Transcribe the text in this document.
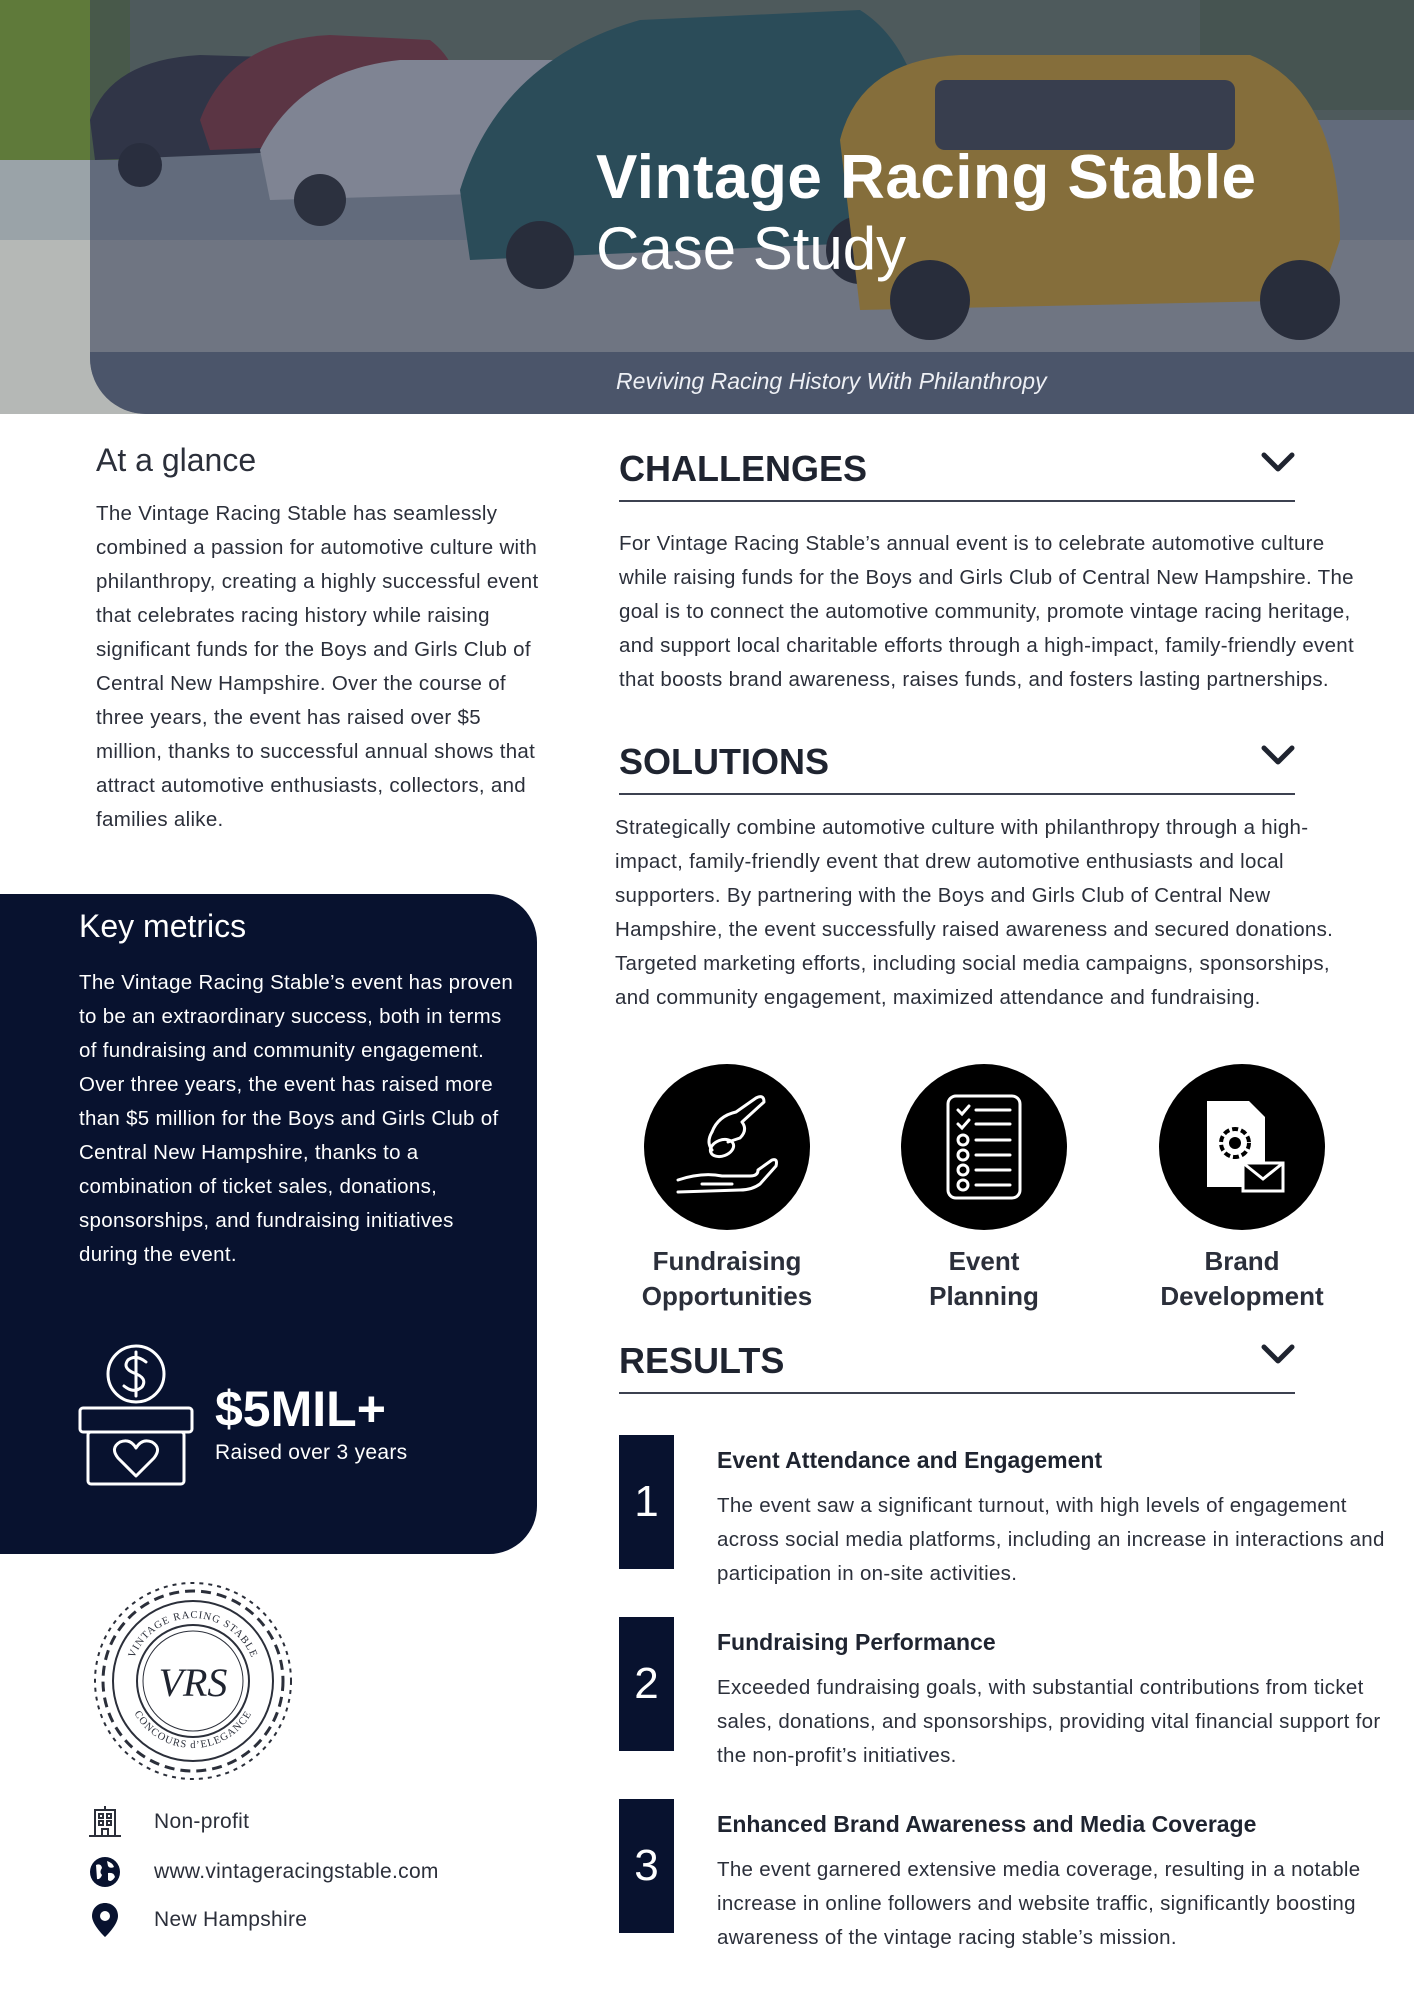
Vintage Racing Stable
Case Study
Reviving Racing History With Philanthropy
At a glance
The Vintage Racing Stable has seamlessly combined a passion for automotive culture with philanthropy, creating a highly successful event that celebrates racing history while raising significant funds for the Boys and Girls Club of Central New Hampshire. Over the course of three years, the event has raised over $5 million, thanks to successful annual shows that attract automotive enthusiasts, collectors, and families alike.
Key metrics
The Vintage Racing Stable’s event has proven to be an extraordinary success, both in terms of fundraising and community engagement. Over three years, the event has raised more than $5 million for the Boys and Girls Club of Central New Hampshire, thanks to a combination of ticket sales, donations, sponsorships, and fundraising initiatives during the event.
$5MIL+
Raised over 3 years
VINTAGE RACING STABLE
CONCOURS d’ELEGANCE
VRS
Non-profit
www.vintageracingstable.com
New Hampshire
CHALLENGES
For Vintage Racing Stable’s annual event is to celebrate automotive culture while raising funds for the Boys and Girls Club of Central New Hampshire. The goal is to connect the automotive community, promote vintage racing heritage, and support local charitable efforts through a high-impact, family-friendly event that boosts brand awareness, raises funds, and fosters lasting partnerships.
SOLUTIONS
Strategically combine automotive culture with philanthropy through a high-impact, family-friendly event that drew automotive enthusiasts and local supporters. By partnering with the Boys and Girls Club of Central New Hampshire, the event successfully raised awareness and secured donations. Targeted marketing efforts, including social media campaigns, sponsorships, and community engagement, maximized attendance and fundraising.
Fundraising
Opportunities
Event
Planning
Brand
Development
RESULTS
1
Event Attendance and Engagement
The event saw a significant turnout, with high levels of engagement across social media platforms, including an increase in interactions and participation in on-site activities.
2
Fundraising Performance
Exceeded fundraising goals, with substantial contributions from ticket sales, donations, and sponsorships, providing vital financial support for the non-profit’s initiatives.
3
Enhanced Brand Awareness and Media Coverage
The event garnered extensive media coverage, resulting in a notable increase in online followers and website traffic, significantly boosting awareness of the vintage racing stable’s mission.
